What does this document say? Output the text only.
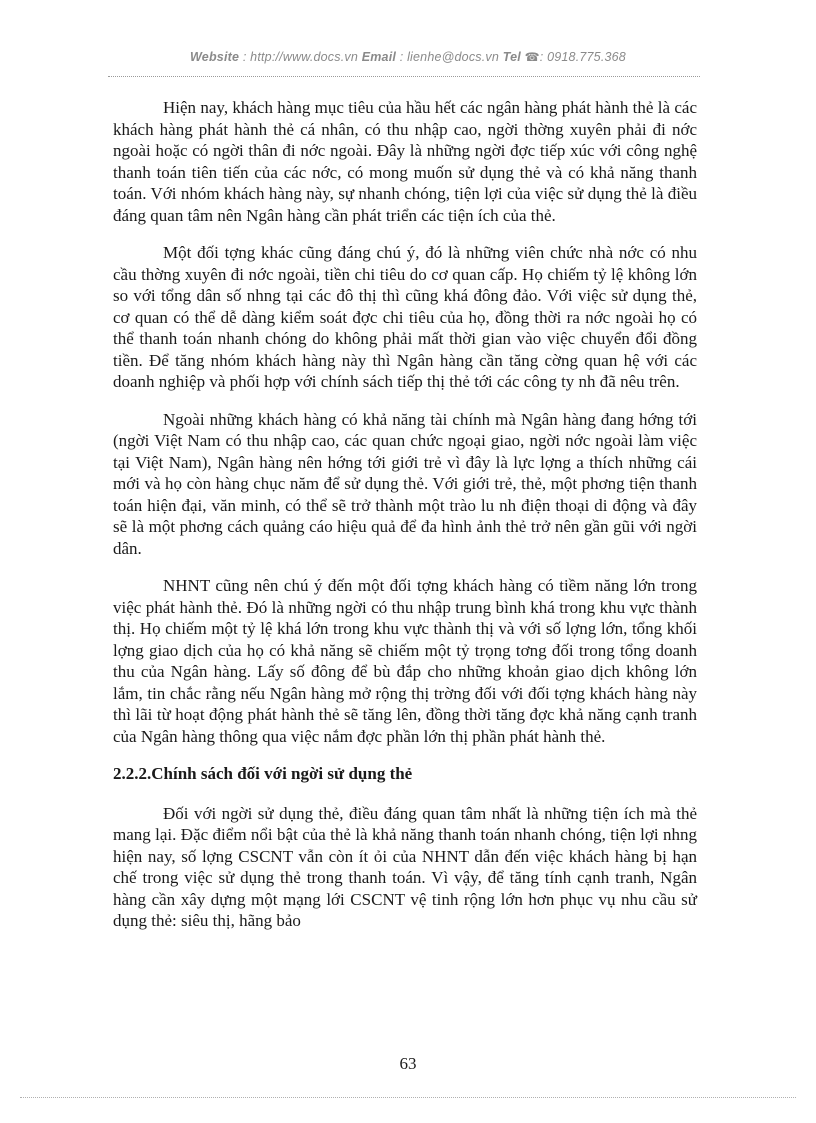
Website : http://www.docs.vn Email : lienhe@docs.vn Tel ☎: 0918.775.368

Hiện nay, khách hàng mục tiêu của hầu hết các ngân hàng phát hành thẻ là các khách hàng phát hành thẻ cá nhân, có thu nhập cao, ngời thờng xuyên phải đi nớc ngoài hoặc có ngời thân đi nớc ngoài. Đây là những ngời đợc tiếp xúc với công nghệ thanh toán tiên tiến của các nớc, có mong muốn sử dụng thẻ và có khả năng thanh toán. Với nhóm khách hàng này, sự nhanh chóng, tiện lợi của việc sử dụng thẻ là điều đáng quan tâm nên Ngân hàng cần phát triển các tiện ích của thẻ.

Một đối tợng khác cũng đáng chú ý, đó là những viên chức nhà nớc có nhu cầu thờng xuyên đi nớc ngoài, tiền chi tiêu do cơ quan cấp. Họ chiếm tỷ lệ không lớn so với tổng dân số nhng tại các đô thị thì cũng khá đông đảo. Với việc sử dụng thẻ, cơ quan có thể dễ dàng kiểm soát đợc chi tiêu của họ, đồng thời ra nớc ngoài họ có thể thanh toán nhanh chóng do không phải mất thời gian vào việc chuyển đổi đồng tiền. Để tăng nhóm khách hàng này thì Ngân hàng cần tăng cờng quan hệ với các doanh nghiệp và phối hợp với chính sách tiếp thị thẻ tới các công ty nh đã nêu trên.

Ngoài những khách hàng có khả năng tài chính mà Ngân hàng đang hớng tới (ngời Việt Nam có thu nhập cao, các quan chức ngoại giao, ngời nớc ngoài làm việc tại Việt Nam), Ngân hàng nên hớng tới giới trẻ vì đây là lực lợng a thích những cái mới và họ còn hàng chục năm để sử dụng thẻ. Với giới trẻ, thẻ, một phơng tiện thanh toán hiện đại, văn minh, có thể sẽ trở thành một trào lu nh điện thoại di động và đây sẽ là một phơng cách quảng cáo hiệu quả để đa hình ảnh thẻ trở nên gần gũi với ngời dân.

NHNT cũng nên chú ý đến một đối tợng khách hàng có tiềm năng lớn trong việc phát hành thẻ. Đó là những ngời có thu nhập trung bình khá trong khu vực thành thị. Họ chiếm một tỷ lệ khá lớn trong khu vực thành thị và với số lợng lớn, tổng khối lợng giao dịch của họ có khả năng sẽ chiếm một tỷ trọng tơng đối trong tổng doanh thu của Ngân hàng. Lấy số đông để bù đắp cho những khoản giao dịch không lớn lắm, tin chắc rằng nếu Ngân hàng mở rộng thị trờng đối với đối tợng khách hàng này thì lãi từ hoạt động phát hành thẻ sẽ tăng lên, đồng thời tăng đợc khả năng cạnh tranh của Ngân hàng thông qua việc nắm đợc phần lớn thị phần phát hành thẻ.

2.2.2.Chính sách đối với ngời sử dụng thẻ

Đối với ngời sử dụng thẻ, điều đáng quan tâm nhất là những tiện ích mà thẻ mang lại. Đặc điểm nổi bật của thẻ là khả năng thanh toán nhanh chóng, tiện lợi nhng hiện nay, số lợng CSCNT vẫn còn ít ỏi của NHNT dẫn đến việc khách hàng bị hạn chế trong việc sử dụng thẻ trong thanh toán. Vì vậy, để tăng tính cạnh tranh, Ngân hàng cần xây dựng một mạng lới CSCNT vệ tinh rộng lớn hơn phục vụ nhu cầu sử dụng thẻ: siêu thị, hãng bảo

63
